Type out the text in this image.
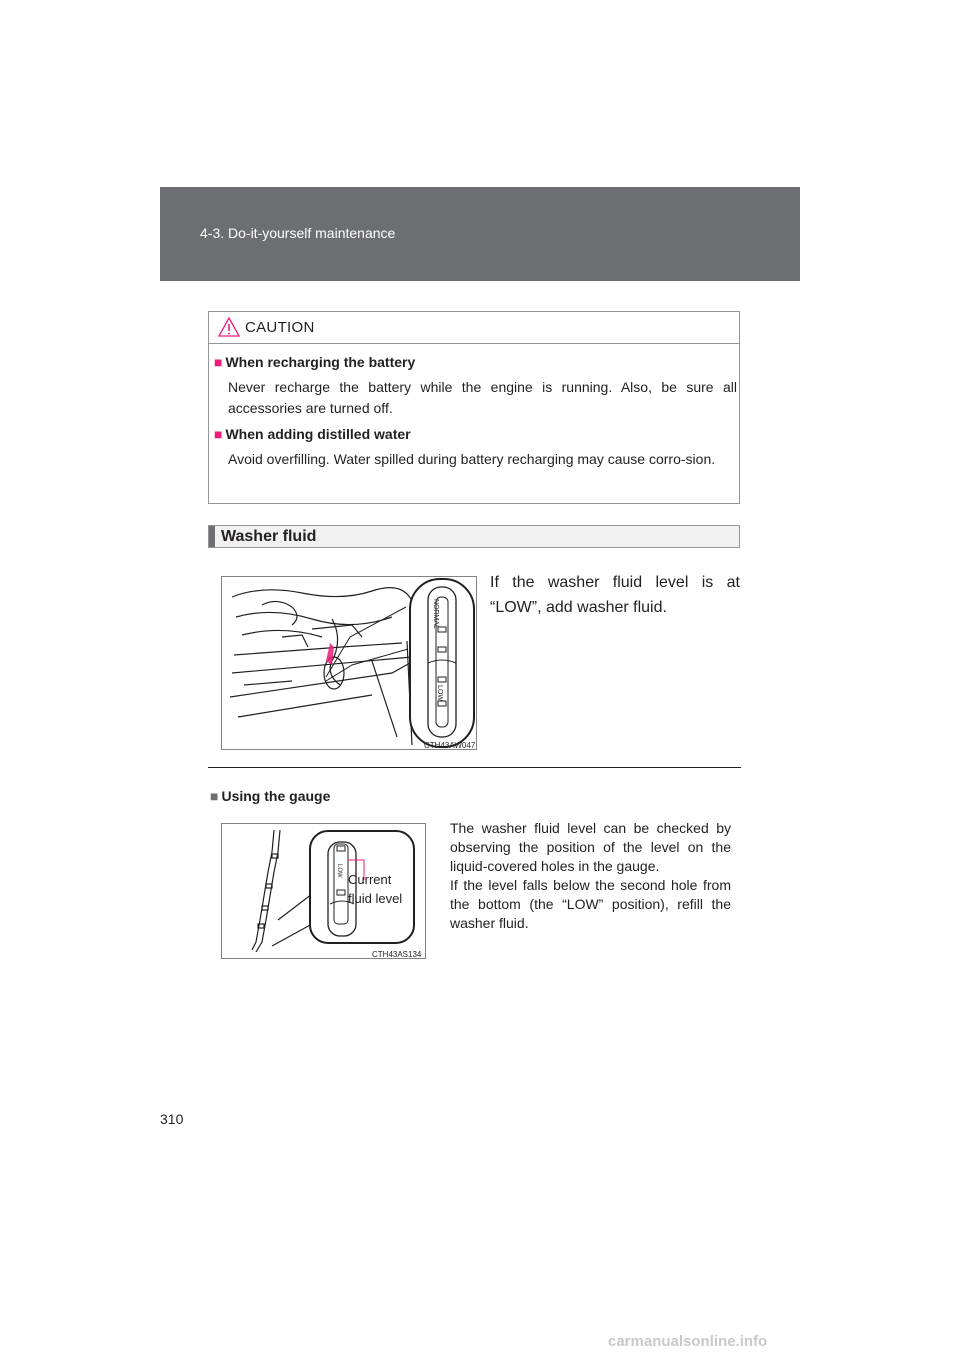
4-3. Do-it-yourself maintenance
CAUTION
■ When recharging the battery
Never recharge the battery while the engine is running. Also, be sure all accessories are turned off.
■ When adding distilled water
Avoid overfilling. Water spilled during battery recharging may cause corro-sion.
Washer fluid
NORMAL
LOW
CTH43AW047
If the washer fluid level is at “LOW”, add washer fluid.
■ Using the gauge
LOW
Current
fluid level
CTH43AS134
The washer fluid level can be checked by observing the position of the level on the liquid-covered holes in the gauge.
If the level falls below the second hole from the bottom (the “LOW” position), refill the washer fluid.
310
carmanualsonline.info
